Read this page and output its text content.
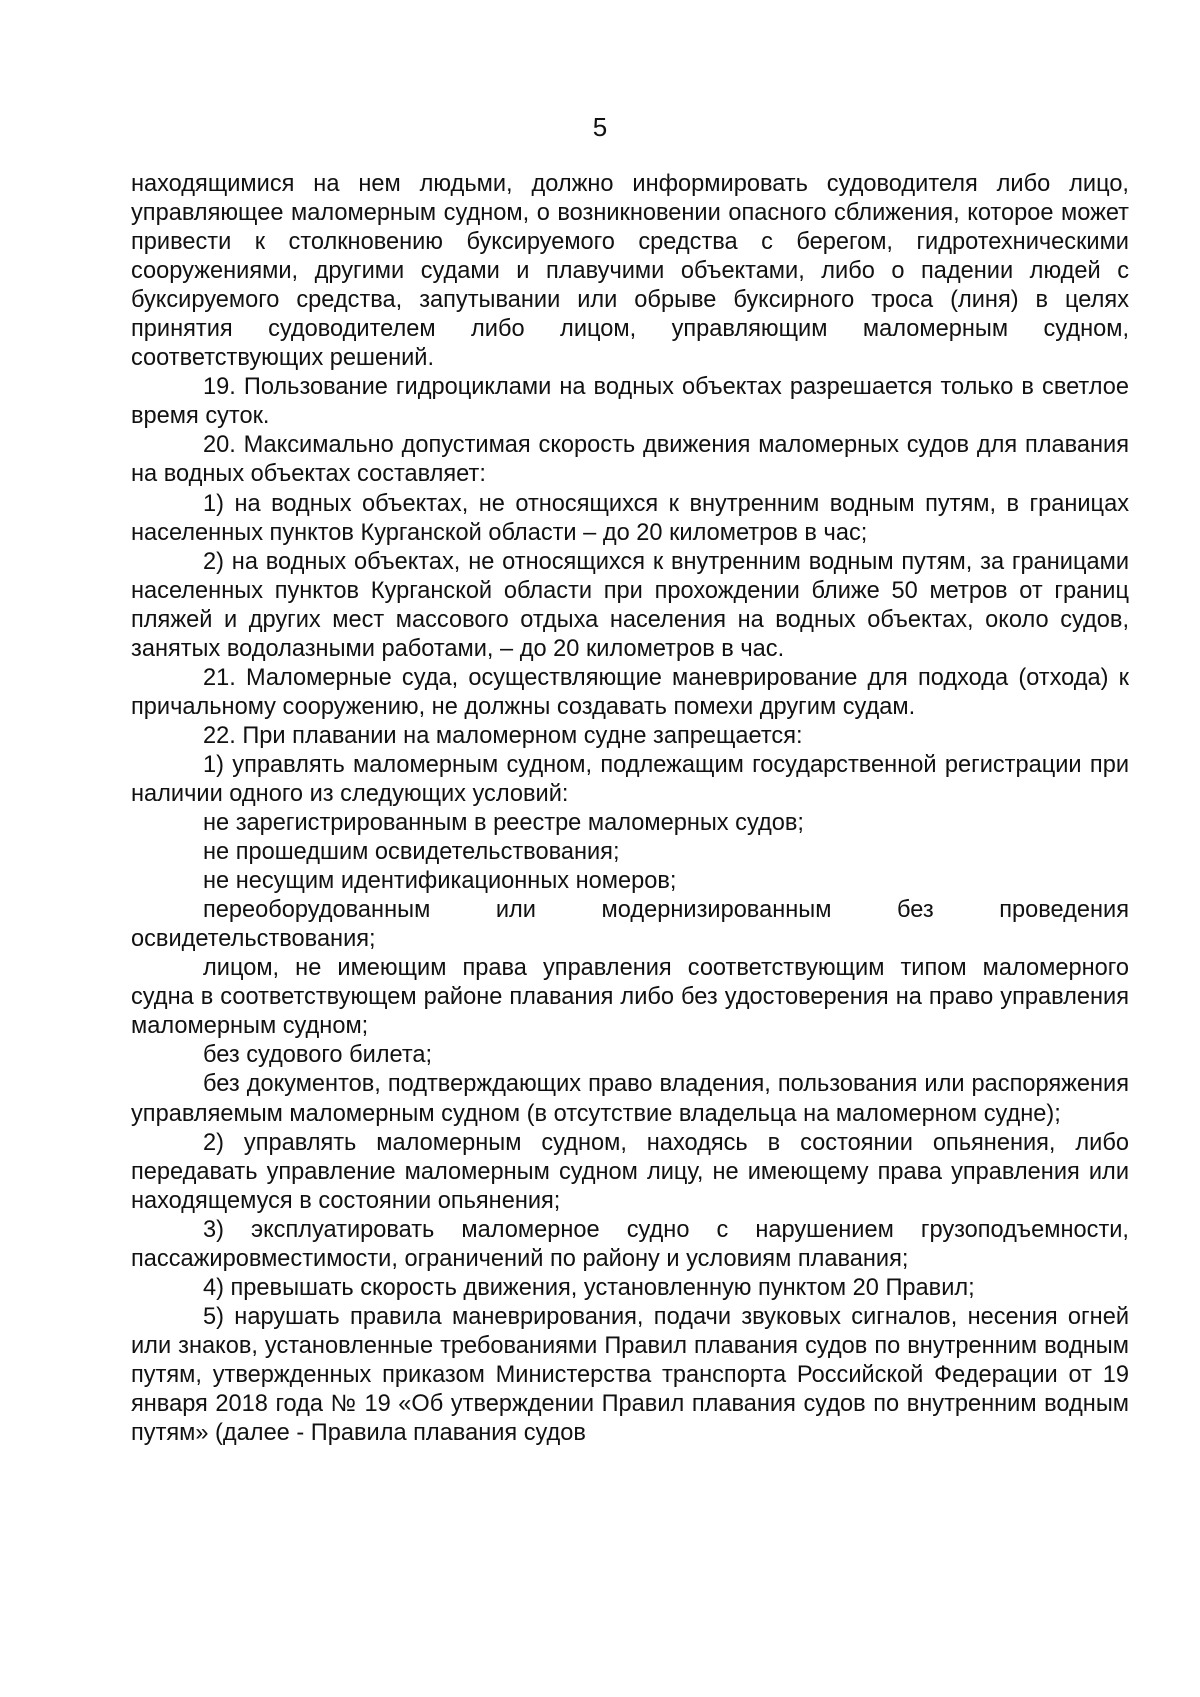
5

находящимися на нем людьми, должно информировать судоводителя либо лицо, управляющее маломерным судном, о возникновении опасного сближения, которое может привести к столкновению буксируемого средства с берегом, гидротехническими сооружениями, другими судами и плавучими объектами, либо о падении людей с буксируемого средства, запутывании или обрыве буксирного троса (линя) в целях принятия судоводителем либо лицом, управляющим маломерным судном, соответствующих решений.

19. Пользование гидроциклами на водных объектах разрешается только в светлое время суток.

20. Максимально допустимая скорость движения маломерных судов для плавания на водных объектах составляет:

1) на водных объектах, не относящихся к внутренним водным путям, в границах населенных пунктов Курганской области – до 20 километров в час;

2) на водных объектах, не относящихся к внутренним водным путям, за границами населенных пунктов Курганской области при прохождении ближе 50 метров от границ пляжей и других мест массового отдыха населения на водных объектах, около судов, занятых водолазными работами, – до 20 километров в час.

21. Маломерные суда, осуществляющие маневрирование для подхода (отхода) к причальному сооружению, не должны создавать помехи другим судам.

22. При плавании на маломерном судне запрещается:

1) управлять маломерным судном, подлежащим государственной регистрации при наличии одного из следующих условий:

не зарегистрированным в реестре маломерных судов;

не прошедшим освидетельствования;

не несущим идентификационных номеров;

переоборудованным или модернизированным без проведения освидетельствования;

лицом, не имеющим права управления соответствующим типом маломерного судна в соответствующем районе плавания либо без удостоверения на право управления маломерным судном;

без судового билета;

без документов, подтверждающих право владения, пользования или распоряжения управляемым маломерным судном (в отсутствие владельца на маломерном судне);

2) управлять маломерным судном, находясь в состоянии опьянения, либо передавать управление маломерным судном лицу, не имеющему права управления или находящемуся в состоянии опьянения;

3) эксплуатировать маломерное судно с нарушением грузоподъемности, пассажировместимости, ограничений по району и условиям плавания;

4) превышать скорость движения, установленную пунктом 20 Правил;

5) нарушать правила маневрирования, подачи звуковых сигналов, несения огней или знаков, установленные требованиями Правил плавания судов по внутренним водным путям, утвержденных приказом Министерства транспорта Российской Федерации от 19 января 2018 года № 19 «Об утверждении Правил плавания судов по внутренним водным путям» (далее - Правила плавания судов
